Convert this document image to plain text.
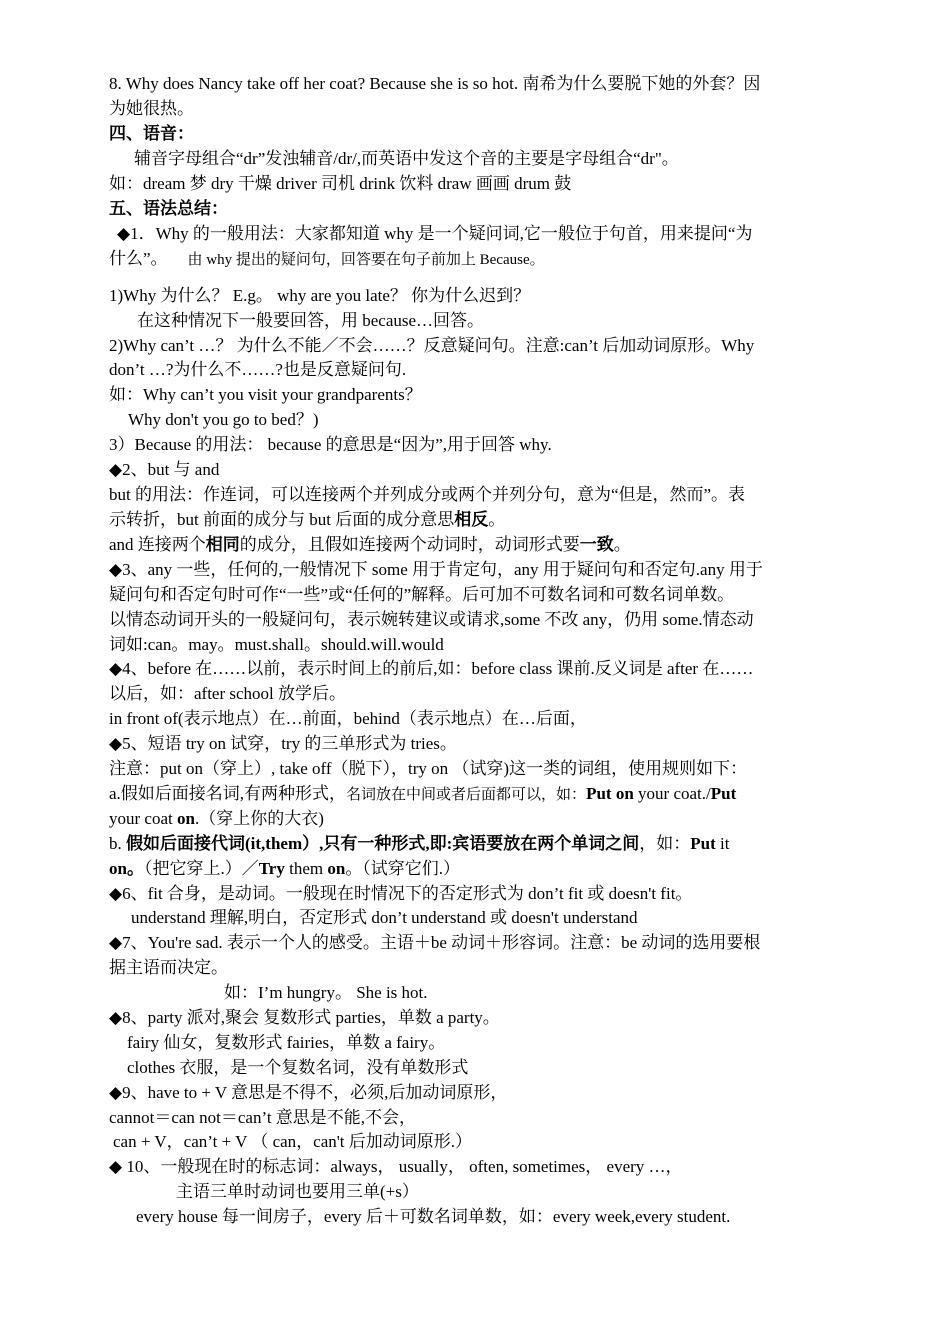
8. Why does Nancy take off her coat? Because she is so hot. 南希为什么要脱下她的外套？因
为她很热。
四、语音：
辅音字母组合“dr”发浊辅音/dr/,而英语中发这个音的主要是字母组合“dr"。
如：dream 梦 dry 干燥 driver 司机 drink 饮料 draw 画画 drum 鼓
五、语法总结：
◆1．Why 的一般用法：大家都知道 why 是一个疑问词,它一般位于句首，用来提问“为
什么”。 由 why 提出的疑问句，回答要在句子前加上 Because。
1)Why 为什么？ E.g。 why are you late？ 你为什么迟到？
在这种情况下一般要回答，用 because…回答。
2)Why can’t …？ 为什么不能／不会……？反意疑问句。注意:can’t 后加动词原形。Why
don’t …?为什么不……?也是反意疑问句.
如：Why can’t you visit your grandparents？
Why don't you go to bed？)
3）Because 的用法： because 的意思是“因为”,用于回答 why.
◆2、but 与 and
but 的用法：作连词，可以连接两个并列成分或两个并列分句，意为“但是，然而”。表
示转折，but 前面的成分与 but 后面的成分意思相反。
and 连接两个相同的成分，且假如连接两个动词时，动词形式要一致。
◆3、any 一些，任何的,一般情况下 some 用于肯定句，any 用于疑问句和否定句.any 用于
疑问句和否定句时可作“一些”或“任何的”解释。后可加不可数名词和可数名词单数。
以情态动词开头的一般疑问句，表示婉转建议或请求,some 不改 any，仍用 some.情态动
词如:can。may。must.shall。should.will.would
◆4、before 在……以前，表示时间上的前后,如：before class 课前.反义词是 after 在……
以后，如：after school 放学后。
in front of(表示地点）在…前面，behind（表示地点）在…后面，
◆5、短语 try on 试穿，try 的三单形式为 tries。
注意：put on（穿上）, take off（脱下），try on （试穿)这一类的词组，使用规则如下：
a.假如后面接名词,有两种形式，名词放在中间或者后面都可以，如：Put on your coat./Put
your coat on.（穿上你的大衣)
b. 假如后面接代词(it,them）,只有一种形式,即:宾语要放在两个单词之间，如：Put it
on。（把它穿上.）／Try them on。（试穿它们.）
◆6、fit 合身，是动词。一般现在时情况下的否定形式为 don’t fit 或 doesn't fit。
understand 理解,明白，否定形式 don’t understand 或 doesn't understand
◆7、You're sad. 表示一个人的感受。主语＋be 动词＋形容词。注意：be 动词的选用要根
据主语而决定。
如：I’m hungry。 She is hot.
◆8、party 派对,聚会 复数形式 parties，单数 a party。
fairy 仙女，复数形式 fairies，单数 a fairy。
clothes 衣服，是一个复数名词，没有单数形式
◆9、have to + V 意思是不得不，必须,后加动词原形，
cannot＝can not＝can’t 意思是不能,不会，
can + V，can’t + V （ can，can't 后加动词原形.）
◆ 10、一般现在时的标志词：always， usually， often, sometimes， every …，
主语三单时动词也要用三单(+s）
every house 每一间房子，every 后＋可数名词单数，如：every week,every student.
